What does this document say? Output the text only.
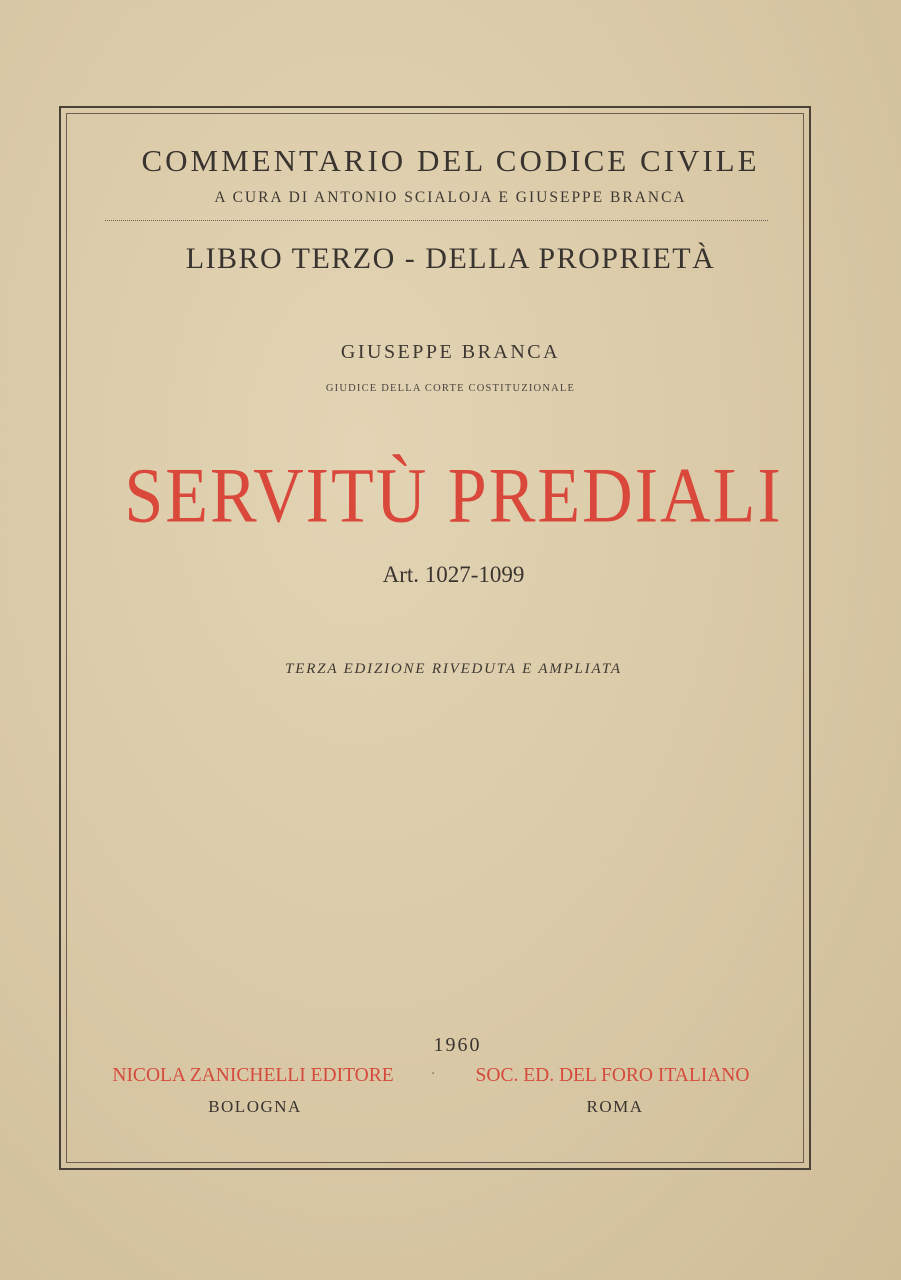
COMMENTARIO DEL CODICE CIVILE
A CURA DI ANTONIO SCIALOJA E GIUSEPPE BRANCA
LIBRO TERZO - DELLA PROPRIETÀ
GIUSEPPE BRANCA
GIUDICE DELLA CORTE COSTITUZIONALE
SERVITÙ PREDIALI
Art. 1027-1099
TERZA EDIZIONE RIVEDUTA E AMPLIATA
1960
NICOLA ZANICHELLI EDITORE	·	SOC. ED. DEL FORO ITALIANO
BOLOGNA	ROMA
